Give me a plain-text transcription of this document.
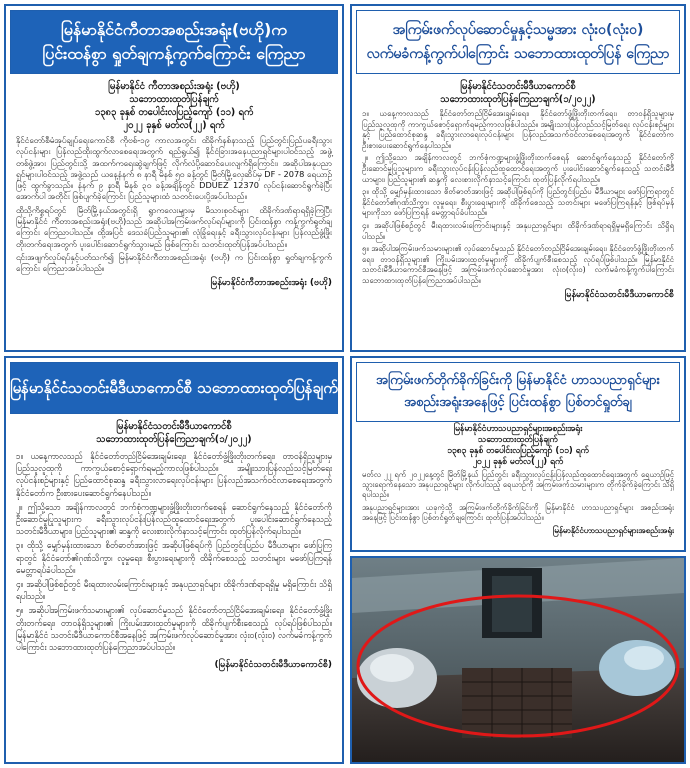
မြန်မာနိုင်ငံကီတာအစည်းအရုံး(ဗဟို)က
ပြင်းထန်စွာ ရှုတ်ချကန့်ကွက်ကြောင်း ကြေညာ
မြန်မာနိုင်ငံ ကီတာအစည်းအရုံး (ဗဟို)
သဘောထားထုတ်ပြန်ချက်
၁၃၈၃ ခုနှစ် တပေါင်းလပြည့်ကျော် (၁၁) ရက်
၂၀၂၂ ခုနှစ် မတ်လ(၂၂) ရက်

နိုင်ငံတော်စီမံအုပ်ချုပ်ရေးကောင်စီ ကိုဗစ်-၁၉ ကာလအတွင်း ထိခိုက်နစ်နာသည့် ပြည်တွင်းပြည်ပခရီးသွားလုပ်ငန်းများ ပြန်လည်ထိုးထွက်လာစေရေးအတွက် ရည်ရွယ်၍ နိုင်ငံခြားအနေပညာရှင်များပါဝင်သည့် အဖွဲ့တစ်ဖွဲ့အား ပြည်တွင်းသို့ အထက်ကရေးဆွဲချက်ဖြင့် လိုက်လံပို့ဆောင်ပေးလျက်ရှိကြောင်း၊ အဆိုပါအနုပညာရှင်များပါဝင်သည့် အဖွဲ့သည် ယနေ့နံနက် ၈ နာရီ မိနစ် ၅၀ ခန့်တွင် မြိတ်မြို့လှေဆိပ်မှ DF - 2078 ရေယာဉ်ဖြင့် ထွက်ခွာသည်။ နံနက် ၉ နာရီ မိနစ် ၃၀ ခန့်အချိန်တွင် DDUEZ 12370 လုပ်ငန်းဆောင်ရွက်ခဲ့ပြီး အောက်ပါ အတိုင်း ဖြစ်ပျက်ခဲ့ကြောင်း ပြည်သူများထံ သတင်းပေးပို့အပ်ပါသည်။

ထိုသို့ကိစ္စရပ်တွင် မြိတ်မြို့နယ်အတွင်းရှိ ရွာကလေးများမှ မိသားစုဝင်များ ထိခိုက်ဒဏ်ရာရရှိခဲ့ကြပြီး မြန်မာနိုင်ငံ ကီတာအစည်းအရုံး(ဗဟို)သည် အဆိုပါအကြမ်းဖက်လုပ်ရပ်များကို ပြင်းထန်စွာ ကန့်ကွက်ရှုတ်ချကြောင်း ကြေညာပါသည်။ ထို့အပြင် ဒေသခံပြည်သူများ၏ လုံခြုံရေးနှင့် ခရီးသွားလုပ်ငန်းများ ပြန်လည်ဖွံ့ဖြိုးတိုးတက်ရေးအတွက် ပူးပေါင်းဆောင်ရွက်သွားမည် ဖြစ်ကြောင်း သတင်းထုတ်ပြန်အပ်ပါသည်။

၎င်းအဖျက်လုပ်ရပ်နှင့်ပတ်သက်၍ မြန်မာနိုင်ငံကီတာအစည်းအရုံး (ဗဟို) က ပြင်းထန်စွာ ရှုတ်ချကန့်ကွက်ကြောင်း ကြေညာအပ်ပါသည်။

မြန်မာနိုင်ငံကီတာအစည်းအရုံး (ဗဟို)
အကြမ်းဖက်လုပ်ဆောင်မှုနှင့်သမ္မအား လုံး၀(လုံး၀)
လက်မခံကန့်ကွက်ပါကြောင်း သဘောထားထုတ်ပြန် ကြေညာ
မြန်မာနိုင်ငံသတင်းမီဒီယာကောင်စီ
သဘောထားထုတ်ပြန်ကြေညာချက်(၁/၂၀၂၂)

၁။ ယနေ့ကာလသည် နိုင်ငံတော်တည်ငြိမ်အေးချမ်းရေး၊ နိုင်ငံတော်ဖွံ့ဖြိုးတိုးတက်ရေး၊ တာ၀န်ရှိသူများမှ ပြည်သူလူထုကို ကာကွယ်စောင့်ရှောက်ရမည့်ကာလဖြစ်ပါသည်။ အမျိုးသားပြန်လည်သင့်မြတ်ရေး လုပ်ငန်းစဉ်များနှင့် ပြည်ထောင်စုဆန္ဒ ခရီးသွားလာရေးလုပ်ငန်းများ ပြန်လည်အသက်ဝင်လာစေရေးအတွက် နိုင်ငံတော်က ဦးစားပေးဆောင်ရွက်နေပါသည်။

၂။ ဤသို့သော အချိန်ကာလတွင် ဘက်စုံကဏ္ဍများဖွံ့ဖြိုးတိုးတက်စေရန် ဆောင်ရွက်နေသည့် နိုင်ငံတော်ကို ဦးဆောင်မှုပြုသူများက ခရီးသွားလုပ်ငန်းပြန်လည်ထူထောင်ရေးအတွက် ပူးပေါင်းဆောင်ရွက်နေသည့် သတင်းမီဒီယာများ၊ ပြည်သူများ၏ ဆန္ဒကို လေးစားလိုက်နာသင့်ကြောင်း ထုတ်ပြန်လိုက်ရပါသည်။

၃။ ထိုသို့ မျှော်မှန်းထားသော စိတ်ဓာတ်အားဖြင့် အဆိုပါဖြစ်ရပ်ကို ပြည်တွင်းပြည်ပ မီဒီယာများ ဖော်ပြကြရာတွင် နိုင်ငံတော်၏ဂုဏ်သိက္ခာ၊ လူမှုရေး၊ စီးပွားရေးများကို ထိခိုက်စေသည့် သတင်းများ မဖော်ပြကြရန်နှင့် ဖြစ်ရပ်မှန်များကိုသာ ဖော်ပြကြရန် မေတ္တာရပ်ခံပါသည်။

၄။ အဆိုပါဖြစ်စဉ်တွင် မီးရထားလမ်းကြောင်းများနှင့် အနုပညာရှင်များ ထိခိုက်ဒဏ်ရာရရှိမှုမရှိကြောင်း သိရှိရပါသည်။

၅။ အဆိုပါအကြမ်းဖက်သမားများ၏ လုပ်ဆောင်မှုသည် နိုင်ငံတော်တည်ငြိမ်အေးချမ်းရေး၊ နိုင်ငံတော်ဖွံ့ဖြိုးတိုးတက်ရေး၊ တာဝန်ရှိသူများ၏ ကြိုးပမ်းအားထုတ်မှုများကို ထိခိုက်ပျက်စီးစေသည့် လုပ်ရပ်ဖြစ်ပါသည်။ မြန်မာနိုင်ငံ သတင်းမီဒီယာကောင်စီအနေဖြင့် အကြမ်းဖက်လုပ်ဆောင်မှုအား လုံး၀(လုံး၀) လက်မခံကန့်ကွက်ပါကြောင်း သဘောထားထုတ်ပြန်ကြေညာအပ်ပါသည်။

မြန်မာနိုင်ငံသတင်းမီဒီယာကောင်စီ
မြန်မာနိုင်ငံသတင်းမီဒီယာကောင်စီ သဘောထားထုတ်ပြန်ချက်
မြန်မာနိုင်ငံသတင်းမီဒီယာကောင်စီ
သဘောထားထုတ်ပြန်ကြေညာချက်(၁/၂၀၂၂)

၁။ ယနေ့ကာလသည် နိုင်ငံတော်တည်ငြိမ်အေးချမ်းရေး၊ နိုင်ငံတော်ဖွံ့ဖြိုးတိုးတက်ရေး၊ တာ၀န်ရှိသူများမှ ပြည်သူလူထုကို ကာကွယ်စောင့်ရှောက်ရမည့်ကာလဖြစ်ပါသည်။ အမျိုးသားပြန်လည်သင့်မြတ်ရေး လုပ်ငန်းစဉ်များနှင့် ပြည်ထောင်စုဆန္ဒ ခရီးသွားလာရေးလုပ်ငန်းများ ပြန်လည်အသက်ဝင်လာစေရေးအတွက် နိုင်ငံတော်က ဦးစားပေးဆောင်ရွက်နေပါသည်။

၂။ ဤသို့သော အချိန်ကာလတွင် ဘက်စုံကဏ္ဍများဖွံ့ဖြိုးတိုးတက်စေရန် ဆောင်ရွက်နေသည့် နိုင်ငံတော်ကို ဦးဆောင်မှုပြုသူများက ခရီးသွားလုပ်ငန်းပြန်လည်ထူထောင်ရေးအတွက် ပူးပေါင်းဆောင်ရွက်နေသည့် သတင်းမီဒီယာများ၊ ပြည်သူများ၏ ဆန္ဒကို လေးစားလိုက်နာသင့်ကြောင်း ထုတ်ပြန်လိုက်ရပါသည်။

၃။ ထိုသို့ မျှော်မှန်းထားသော စိတ်ဓာတ်အားဖြင့် အဆိုပါဖြစ်ရပ်ကို ပြည်တွင်းပြည်ပ မီဒီယာများ ဖော်ပြကြရာတွင် နိုင်ငံတော်၏ဂုဏ်သိက္ခာ၊ လူမှုရေး၊ စီးပွားရေးများကို ထိခိုက်စေသည့် သတင်းများ မဖော်ပြကြရန် မေတ္တာရပ်ခံပါသည်။

၄။ အဆိုပါဖြစ်စဉ်တွင် မီးရထားလမ်းကြောင်းများနှင့် အနုပညာရှင်များ ထိခိုက်ဒဏ်ရာရရှိမှု မရှိကြောင်း သိရှိရပါသည်။

၅။ အဆိုပါအကြမ်းဖက်သမားများ၏ လုပ်ဆောင်မှုသည် နိုင်ငံတော်တည်ငြိမ်အေးချမ်းရေး၊ နိုင်ငံတော်ဖွံ့ဖြိုးတိုးတက်ရေး၊ တာဝန်ရှိသူများ၏ ကြိုးပမ်းအားထုတ်မှုများကို ထိခိုက်ပျက်စီးစေသည့် လုပ်ရပ်ဖြစ်ပါသည်။ မြန်မာနိုင်ငံ သတင်းမီဒီယာကောင်စီအနေဖြင့် အကြမ်းဖက်လုပ်ဆောင်မှုအား လုံး၀(လုံး၀) လက်မခံကန့်ကွက်ပါကြောင်း သဘောထားထုတ်ပြန်ကြေညာအပ်ပါသည်။

(မြန်မာနိုင်ငံသတင်းမီဒီယာကောင်စီ)
အကြမ်းဖက်တိုက်ခိုက်ခြင်းကို မြန်မာနိုင်ငံ ဟာသပညာရှင်များ
အစည်းအရုံးအနေဖြင့် ပြင်းထန်စွာ ပြစ်တင်ရှုတ်ချ
မြန်မာနိုင်ငံဟာသပညာရှင်များအစည်းအရုံး
သဘောထားထုတ်ပြန်ချက်
၁၃၈၃ ခုနှစ် တပေါင်းလပြည့်ကျော် (၁၁) ရက်
၂၀၂၂ ခုနှစ် မတ်လ(၂၂) ရက်

မတ်လ ၂၂ ရက် ၂၀၂၂နေ့တွင် မြိတ်မြို့နယ် ပြည်တွင်း ခရီးသွားလုပ်ငန်းပြန်လည်ထူထောင်ရေးအတွက် ရေယာဉ်ဖြင့် သွားရောက်နေသော အနုပညာရှင်များ လိုက်ပါသည့် ရေယာဉ်ကို အကြမ်းဖက်သမားများက တိုက်ခိုက်ခဲ့ကြောင်း သိရှိရပါသည်။

အနုပညာရှင်များအား ယခုကဲ့သို့ အကြမ်းဖက်တိုက်ခိုက်ခြင်းကို မြန်မာနိုင်ငံ ဟာသပညာရှင်များ အစည်းအရုံးအနေဖြင့် ပြင်းထန်စွာ ပြစ်တင်ရှုတ်ချကြောင်း ထုတ်ပြန်အပ်ပါသည်။

မြန်မာနိုင်ငံဟာသပညာရှင်များအစည်းအရုံး
